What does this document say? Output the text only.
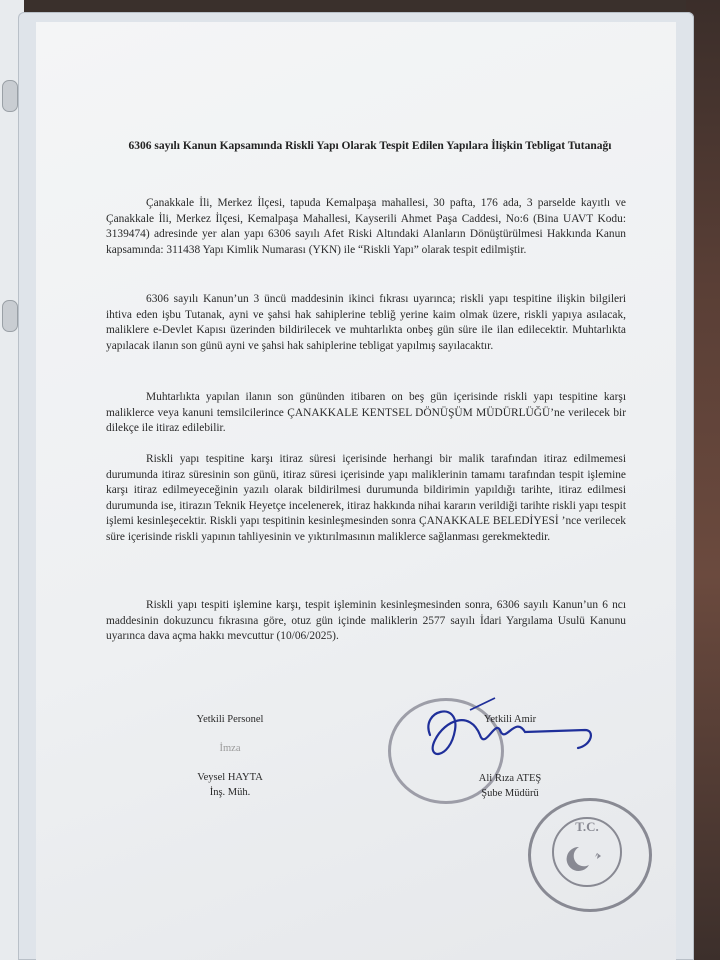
6306 sayılı Kanun Kapsamında Riskli Yapı Olarak Tespit Edilen Yapılara İlişkin Tebligat Tutanağı

Çanakkale İli, Merkez İlçesi, tapuda Kemalpaşa mahallesi, 30 pafta, 176 ada, 3 parselde kayıtlı ve Çanakkale İli, Merkez İlçesi, Kemalpaşa Mahallesi, Kayserili Ahmet Paşa Caddesi, No:6 (Bina UAVT Kodu: 3139474) adresinde yer alan yapı 6306 sayılı Afet Riski Altındaki Alanların Dönüştürülmesi Hakkında Kanun kapsamında: 311438 Yapı Kimlik Numarası (YKN) ile “Riskli Yapı” olarak tespit edilmiştir.

6306 sayılı Kanun’un 3 üncü maddesinin ikinci fıkrası uyarınca; riskli yapı tespitine ilişkin bilgileri ihtiva eden işbu Tutanak, ayni ve şahsi hak sahiplerine tebliğ yerine kaim olmak üzere, riskli yapıya asılacak, maliklere e-Devlet Kapısı üzerinden bildirilecek ve muhtarlıkta onbeş gün süre ile ilan edilecektir. Muhtarlıkta yapılacak ilanın son günü ayni ve şahsi hak sahiplerine tebligat yapılmış sayılacaktır.

Muhtarlıkta yapılan ilanın son gününden itibaren on beş gün içerisinde riskli yapı tespitine karşı maliklerce veya kanuni temsilcilerince ÇANAKKALE KENTSEL DÖNÜŞÜM MÜDÜRLÜĞÜ’ne verilecek bir dilekçe ile itiraz edilebilir.

Riskli yapı tespitine karşı itiraz süresi içerisinde herhangi bir malik tarafından itiraz edilmemesi durumunda itiraz süresinin son günü, itiraz süresi içerisinde yapı maliklerinin tamamı tarafından tespit işlemine karşı itiraz edilmeyeceğinin yazılı olarak bildirilmesi durumunda bildirimin yapıldığı tarihte, itiraz edilmesi durumunda ise, itirazın Teknik Heyetçe incelenerek, itiraz hakkında nihai kararın verildiği tarihte riskli yapı tespit işlemi kesinleşecektir. Riskli yapı tespitinin kesinleşmesinden sonra ÇANAKKALE BELEDİYESİ ’nce verilecek süre içerisinde riskli yapının tahliyesinin ve yıktırılmasının maliklerce sağlanması gerekmektedir.

Riskli yapı tespiti işlemine karşı, tespit işleminin kesinleşmesinden sonra, 6306 sayılı Kanun’un 6 ncı maddesinin dokuzuncu fıkrasına göre, otuz gün içinde maliklerin 2577 sayılı İdari Yargılama Usulü Kanunu uyarınca dava açma hakkı mevcuttur (10/06/2025).

Yetkili Personel
İmza
Veysel HAYTA
İnş. Müh.
Yetkili Amir
Ali Rıza ATEŞ
Şube Müdürü
T.C.
